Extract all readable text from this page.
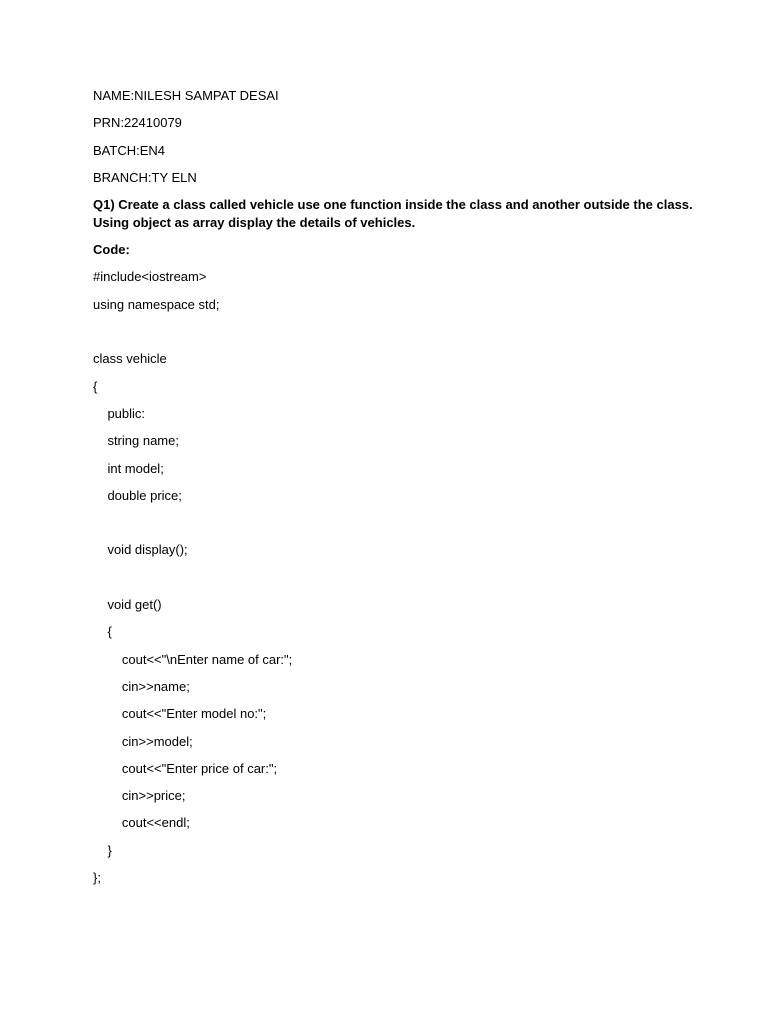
NAME:NILESH SAMPAT DESAI
PRN:22410079
BATCH:EN4
BRANCH:TY ELN
Q1) Create a class called vehicle use one function inside the class and another outside the class. Using object as array display the details of vehicles.
Code:
#include<iostream>
using namespace std;
class vehicle
{
public:
string name;
int model;
double price;
void display();
void get()
{
cout<<"\nEnter name of car:";
cin>>name;
cout<<"Enter model no:";
cin>>model;
cout<<"Enter price of car:";
cin>>price;
cout<<endl;
}
};
